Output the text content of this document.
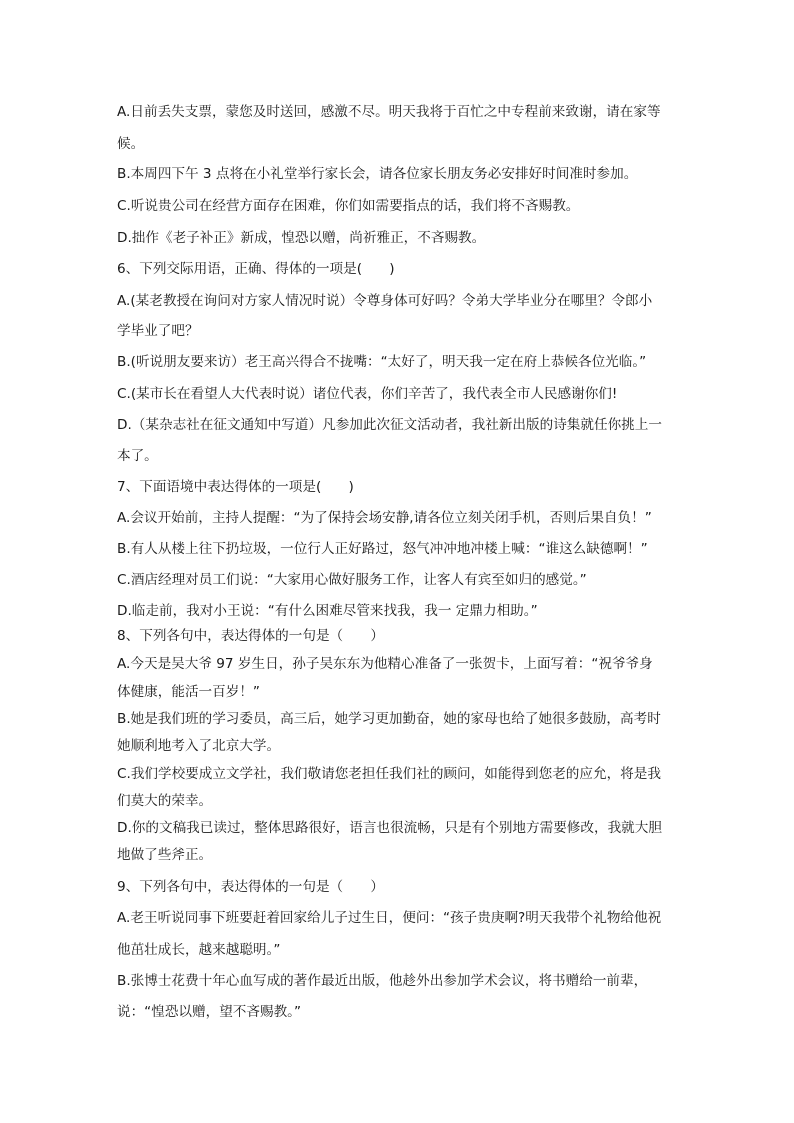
A.日前丢失支票，蒙您及时送回，感激不尽。明天我将于百忙之中专程前来致谢，请在家等
候。
B.本周四下午 3 点将在小礼堂举行家长会，请各位家长朋友务必安排好时间准时参加。
C.听说贵公司在经营方面存在困难，你们如需要指点的话，我们将不吝赐教。
D.拙作《老子补正》新成，惶恐以赠，尚祈雅正，不吝赐教。
6、下列交际用语，正确、得体的一项是(　　)
A.(某老教授在询问对方家人情况时说）令尊身体可好吗？令弟大学毕业分在哪里？令郎小
学毕业了吧？
B.(听说朋友要来访）老王高兴得合不拢嘴：“太好了，明天我一定在府上恭候各位光临。”
C.(某市长在看望人大代表时说）诸位代表，你们辛苦了，我代表全市人民感谢你们!
D.（某杂志社在征文通知中写道）凡参加此次征文活动者，我社新出版的诗集就任你挑上一
本了。
7、下面语境中表达得体的一项是(　　)
A.会议开始前，主持人提醒：“为了保持会场安静,请各位立刻关闭手机，否则后果自负！”
B.有人从楼上往下扔垃圾，一位行人正好路过，怒气冲冲地冲楼上喊：“谁这么缺德啊！”
C.酒店经理对员工们说：“大家用心做好服务工作，让客人有宾至如归的感觉。”
D.临走前，我对小王说：“有什么困难尽管来找我，我一 定鼎力相助。”
8、下列各句中，表达得体的一句是（　　）
A.今天是吴大爷 97 岁生日，孙子吴东东为他精心准备了一张贺卡，上面写着：“祝爷爷身
体健康，能活一百岁！”
B.她是我们班的学习委员，高三后，她学习更加勤奋，她的家母也给了她很多鼓励，高考时
她顺利地考入了北京大学。
C.我们学校要成立文学社，我们敬请您老担任我们社的顾问，如能得到您老的应允，将是我
们莫大的荣幸。
D.你的文稿我已读过，整体思路很好，语言也很流畅，只是有个别地方需要修改，我就大胆
地做了些斧正。
9、下列各句中，表达得体的一句是（　　）
A.老王听说同事下班要赶着回家给儿子过生日，便问：“孩子贵庚啊?明天我带个礼物给他祝
他茁壮成长，越来越聪明。”
B.张博士花费十年心血写成的著作最近出版，他趁外出参加学术会议，将书赠给一前辈，
说：“惶恐以赠，望不吝赐教。”
